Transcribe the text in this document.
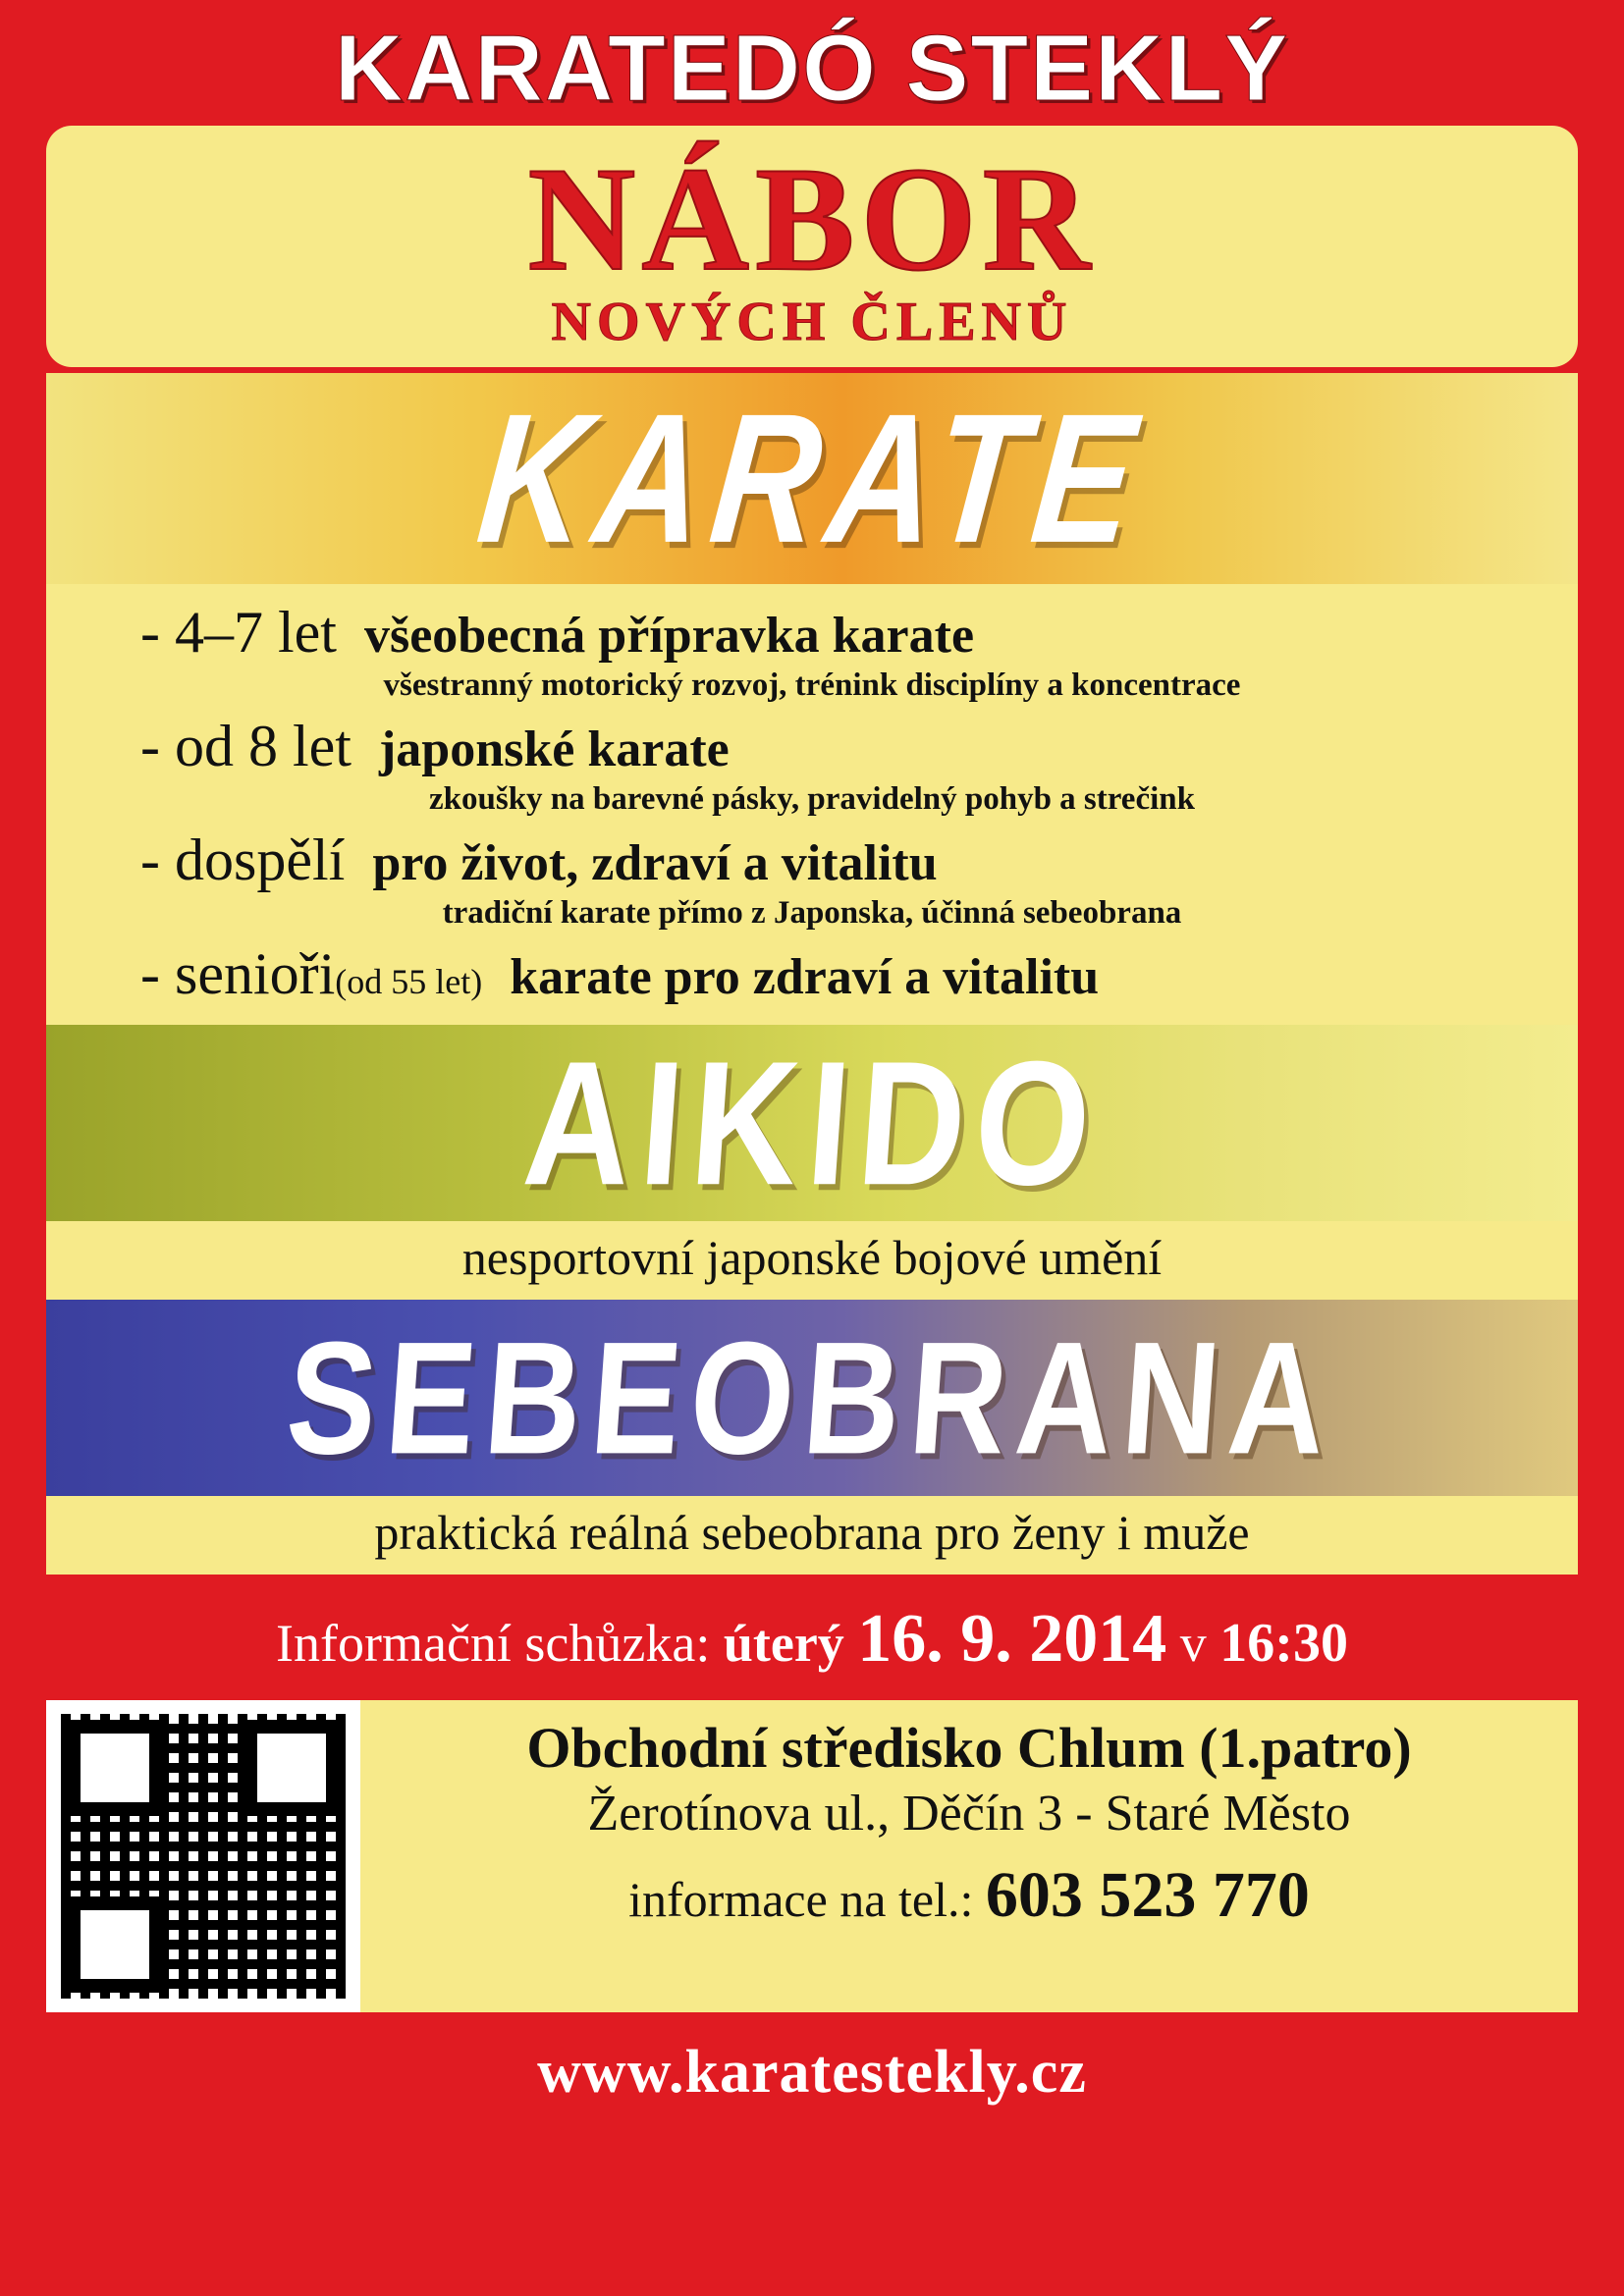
KARATEDÓ STEKLÝ
NÁBOR
NOVÝCH ČLENŮ
KARATE
- 4–7 let všeobecná přípravka karate
všestranný motorický rozvoj, trénink disciplíny a koncentrace
- od 8 let japonské karate
zkoušky na barevné pásky, pravidelný pohyb a strečink
- dospělí pro život, zdraví a vitalitu
tradiční karate přímo z Japonska, účinná sebeobrana
- senioři(od 55 let) karate pro zdraví a vitalitu
AIKIDO
nesportovní japonské bojové umění
SEBEOBRANA
praktická reálná sebeobrana pro ženy i muže
Informační schůzka: úterý 16. 9. 2014 v 16:30
Obchodní středisko Chlum (1.patro)
Žerotínova ul., Děčín 3 - Staré Město
informace na tel.: 603 523 770
www.karatestekly.cz
